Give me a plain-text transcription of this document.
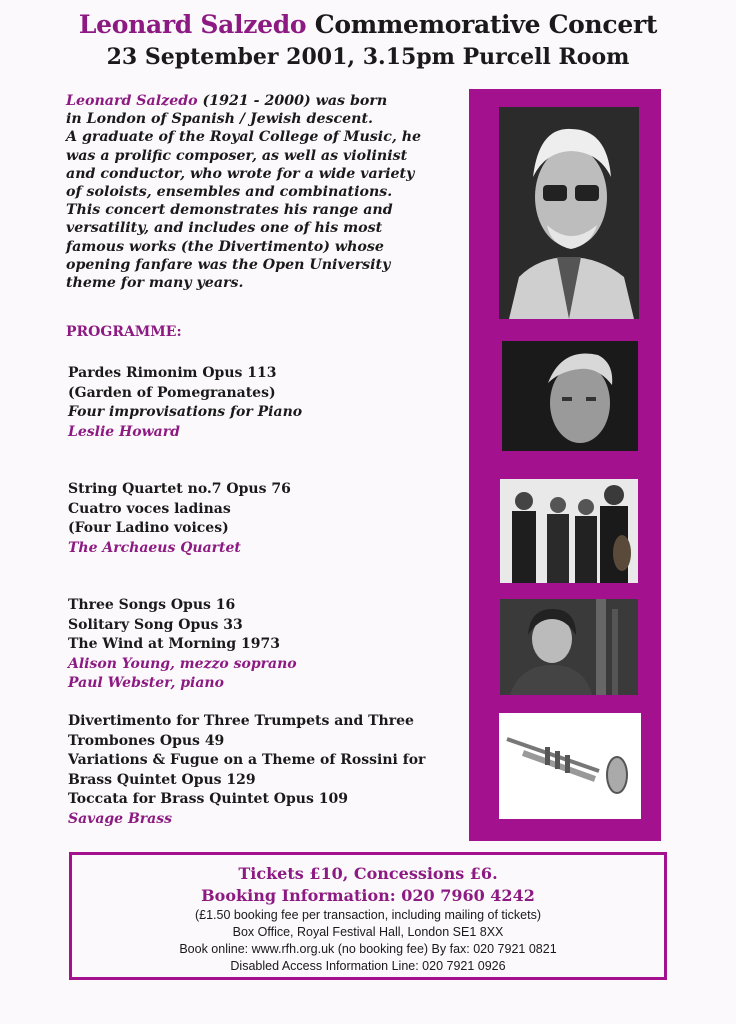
Leonard Salzedo Commemorative Concert
23 September 2001, 3.15pm Purcell Room
Leonard Salzedo (1921 - 2000) was born
in London of Spanish / Jewish descent.
A graduate of the Royal College of Music, he
was a prolific composer, as well as violinist
and conductor, who wrote for a wide variety
of soloists, ensembles and combinations.
This concert demonstrates his range and
versatility, and includes one of his most
famous works (the Divertimento) whose
opening fanfare was the Open University
theme for many years.
PROGRAMME:
Pardes Rimonim Opus 113
(Garden of Pomegranates)
Four improvisations for Piano
Leslie Howard
String Quartet no.7 Opus 76
Cuatro voces ladinas
(Four Ladino voices)
The Archaeus Quartet
Three Songs Opus 16
Solitary Song Opus 33
The Wind at Morning 1973
Alison Young, mezzo soprano
Paul Webster, piano
Divertimento for Three Trumpets and Three
Trombones Opus 49
Variations & Fugue on a Theme of Rossini for
Brass Quintet Opus 129
Toccata for Brass Quintet Opus 109
Savage Brass
Tickets £10, Concessions £6.
Booking Information: 020 7960 4242
(£1.50 booking fee per transaction, including mailing of tickets)
Box Office, Royal Festival Hall, London SE1 8XX
Book online: www.rfh.org.uk (no booking fee) By fax: 020 7921 0821
Disabled Access Information Line: 020 7921 0926
